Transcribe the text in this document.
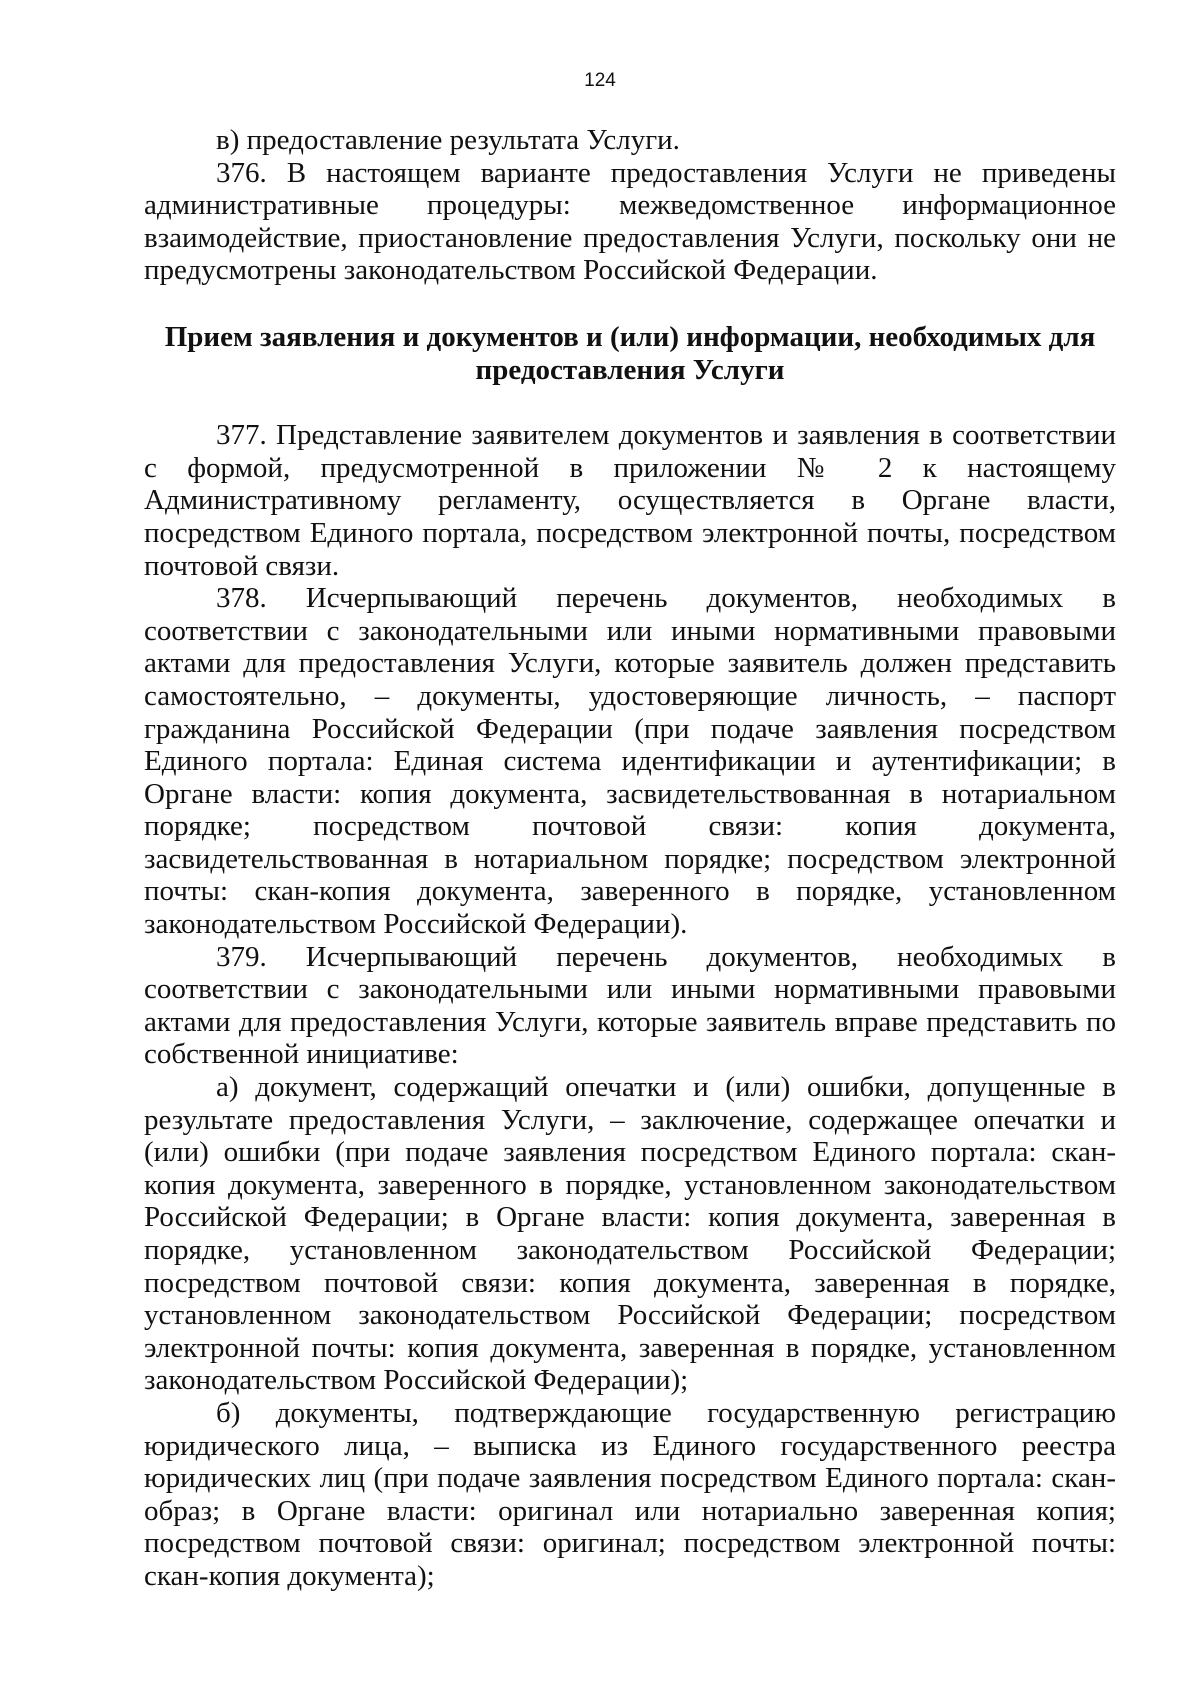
124

в) предоставление результата Услуги.

376. В настоящем варианте предоставления Услуги не приведены административные процедуры: межведомственное информационное взаимодействие, приостановление предоставления Услуги, поскольку они не предусмотрены законодательством Российской Федерации.

Прием заявления и документов и (или) информации, необходимых для
предоставления Услуги

377. Представление заявителем документов и заявления в соответствии с формой, предусмотренной в приложении № 2 к настоящему Административному регламенту, осуществляется в Органе власти, посредством Единого портала, посредством электронной почты, посредством почтовой связи.

378. Исчерпывающий перечень документов, необходимых в соответствии с законодательными или иными нормативными правовыми актами для предоставления Услуги, которые заявитель должен представить самостоятельно, – документы, удостоверяющие личность, – паспорт гражданина Российской Федерации (при подаче заявления посредством Единого портала: Единая система идентификации и аутентификации; в Органе власти: копия документа, засвидетельствованная в нотариальном порядке; посредством почтовой связи: копия документа, засвидетельствованная в нотариальном порядке; посредством электронной почты: скан-копия документа, заверенного в порядке, установленном законодательством Российской Федерации).

379. Исчерпывающий перечень документов, необходимых в соответствии с законодательными или иными нормативными правовыми актами для предоставления Услуги, которые заявитель вправе представить по собственной инициативе:

а) документ, содержащий опечатки и (или) ошибки, допущенные в результате предоставления Услуги, – заключение, содержащее опечатки и (или) ошибки (при подаче заявления посредством Единого портала: скан-копия документа, заверенного в порядке, установленном законодательством Российской Федерации; в Органе власти: копия документа, заверенная в порядке, установленном законодательством Российской Федерации; посредством почтовой связи: копия документа, заверенная в порядке, установленном законодательством Российской Федерации; посредством электронной почты: копия документа, заверенная в порядке, установленном законодательством Российской Федерации);

б) документы, подтверждающие государственную регистрацию юридического лица, – выписка из Единого государственного реестра юридических лиц (при подаче заявления посредством Единого портала: скан-образ; в Органе власти: оригинал или нотариально заверенная копия; посредством почтовой связи: оригинал; посредством электронной почты: скан-копия документа);
